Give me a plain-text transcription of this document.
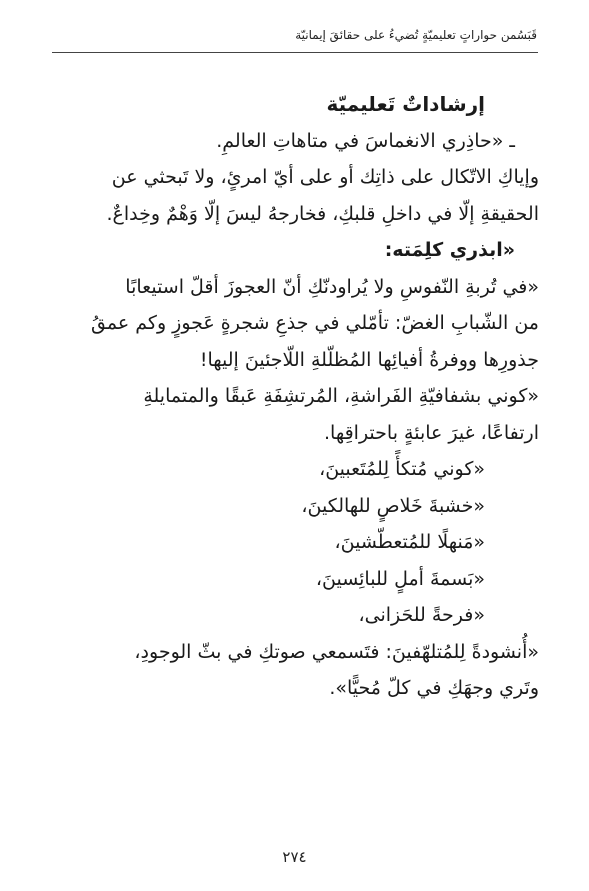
قَبَسُمن حواراتٍ تعليميّةٍ تُضيءُ على حقائقَ إيمانيّة
إرشاداتٌ تَعليميّة
ـ «حاذِري الانغماسَ في متاهاتِ العالمِ.
وإياكِ الاتّكال على ذاتِك أو على أيّ امرئٍ، ولا تَبحثي عن
الحقيقةِ إلّا في داخلِ قلبكِ، فخارجهُ ليسَ إلّا وَهْمٌ وخِداعٌ.
«ابذري كلِمَته:
«في تُربةِ النّفوسِ ولا يُراودنّكِ أنّ العجوزَ أقلّ استيعابًا
من الشّبابِ الغضّ: تأمّلي في جذعِ شجرةٍ عَجوزٍ وكم عمقُ
جذورِها ووفرةُ أفيائِها المُظلّلةِ اللّاجئينَ إليها!
«كوني بشفافيّةِ الفَراشةِ، المُرتشِفَةِ عَبقًا والمتمايلةِ
ارتفاعًا، غيرَ عابئةٍ باحتراقِها.
«كوني مُتكأً لِلمُتَعبينَ،
«خشبةَ خَلاصٍ للهالكينَ،
«مَنهلًا للمُتعطّشينَ،
«بَسمةَ أملٍ للبائِسينَ،
«فرحةً للحَزانى،
«أُنشودةً لِلمُتلهّفينَ: فتَسمعي صوتكِ في بثّ الوجودِ،
وتَري وجهَكِ في كلّ مُحيًّا».
٢٧٤
